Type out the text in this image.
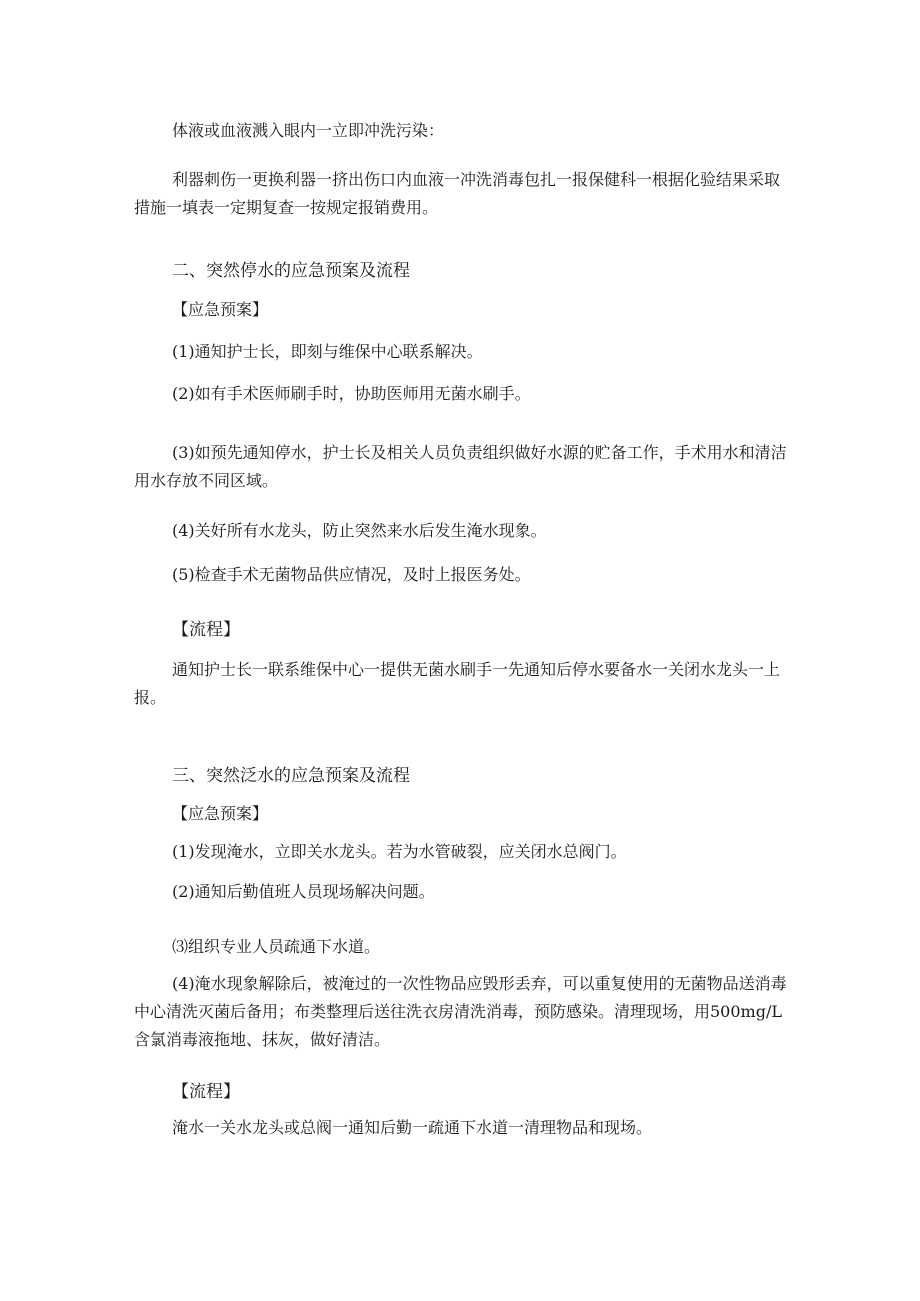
体液或血液溅入眼内一立即冲洗污染：

利器刺伤一更换利器一挤出伤口内血液一冲洗消毒包扎一报保健科一根据化验结果采取措施一填表一定期复查一按规定报销费用。

二、突然停水的应急预案及流程

【应急预案】

(1)通知护士长，即刻与维保中心联系解决。

(2)如有手术医师刷手时，协助医师用无菌水刷手。

(3)如预先通知停水，护士长及相关人员负责组织做好水源的贮备工作，手术用水和清洁用水存放不同区域。

(4)关好所有水龙头，防止突然来水后发生淹水现象。

(5)检查手术无菌物品供应情况，及时上报医务处。

【流程】

通知护士长一联系维保中心一提供无菌水刷手一先通知后停水要备水一关闭水龙头一上报。

三、突然泛水的应急预案及流程

【应急预案】

(1)发现淹水，立即关水龙头。若为水管破裂，应关闭水总阀门。

(2)通知后勤值班人员现场解决问题。

⑶组织专业人员疏通下水道。

(4)淹水现象解除后，被淹过的一次性物品应毁形丢弃，可以重复使用的无菌物品送消毒中心清洗灭菌后备用；布类整理后送往洗衣房清洗消毒，预防感染。清理现场，用500mg∕L含氯消毒液拖地、抹灰，做好清洁。

【流程】

淹水一关水龙头或总阀一通知后勤一疏通下水道一清理物品和现场。
